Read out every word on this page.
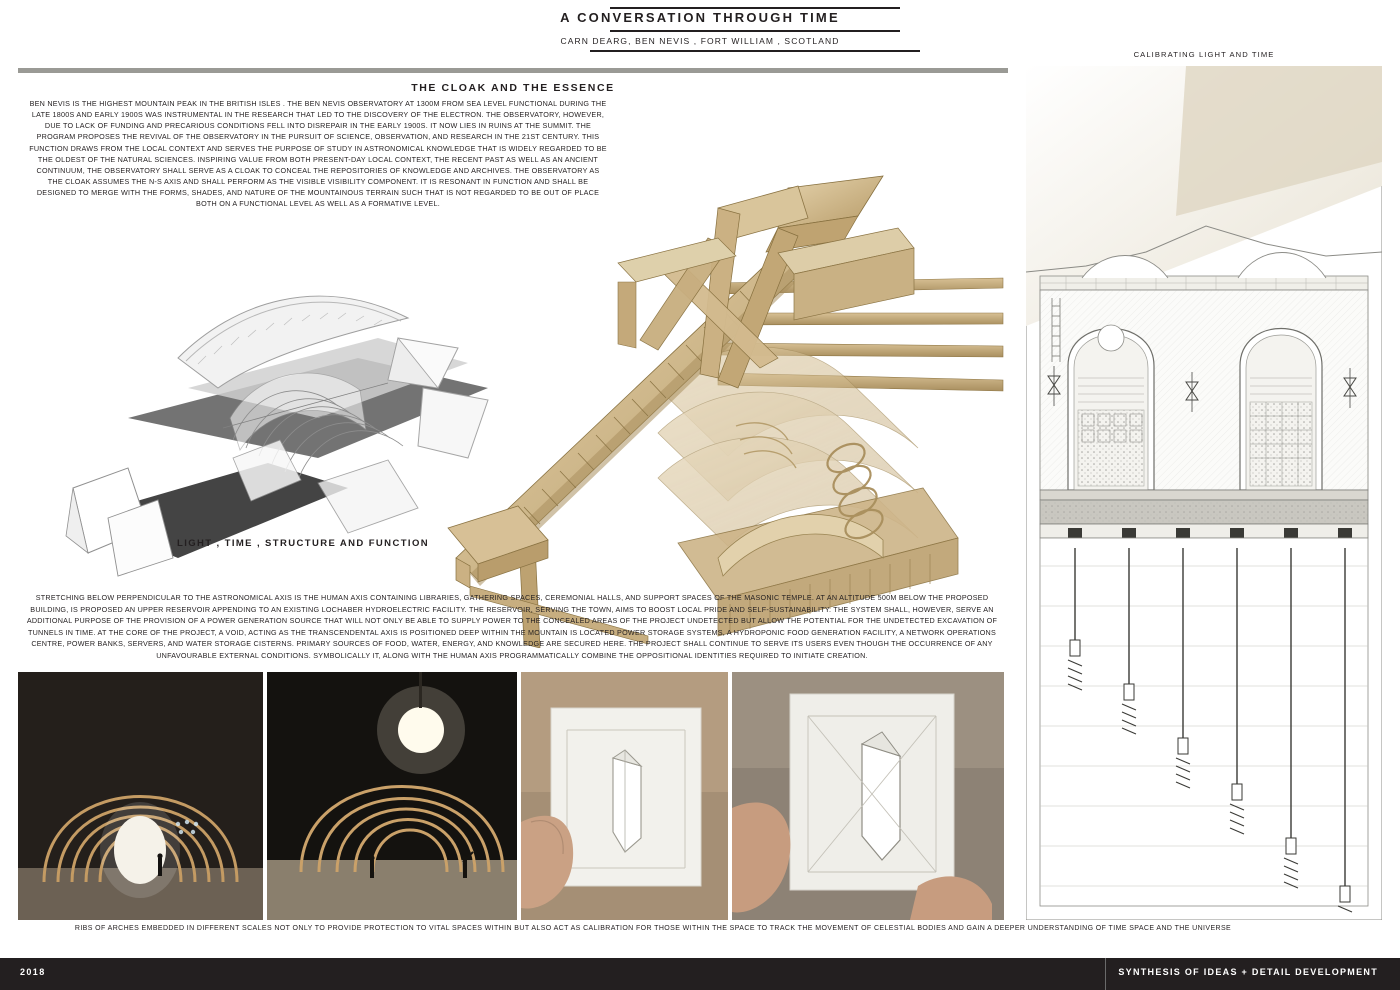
A CONVERSATION THROUGH TIME
CARN DEARG, BEN NEVIS , FORT WILLIAM , SCOTLAND
THE CLOAK AND THE ESSENCE
BEN NEVIS IS THE HIGHEST MOUNTAIN PEAK IN THE BRITISH ISLES . THE BEN NEVIS OBSERVATORY AT 1300M FROM SEA LEVEL FUNCTIONAL DURING THE LATE 1800S AND EARLY 1900S WAS INSTRUMENTAL IN THE RESEARCH THAT LED TO THE DISCOVERY OF THE ELECTRON. THE OBSERVATORY, HOWEVER, DUE TO LACK OF FUNDING AND PRECARIOUS CONDITIONS FELL INTO DISREPAIR IN THE EARLY 1900S. IT NOW LIES IN RUINS AT THE SUMMIT. THE PROGRAM PROPOSES THE REVIVAL OF THE OBSERVATORY IN THE PURSUIT OF SCIENCE, OBSERVATION, AND RESEARCH IN THE 21ST CENTURY. THIS FUNCTION DRAWS FROM THE LOCAL CONTEXT AND SERVES THE PURPOSE OF STUDY IN ASTRONOMICAL KNOWLEDGE THAT IS WIDELY REGARDED TO BE THE OLDEST OF THE NATURAL SCIENCES. INSPIRING VALUE FROM BOTH PRESENT-DAY LOCAL CONTEXT, THE RECENT PAST AS WELL AS AN ANCIENT CONTINUUM, THE OBSERVATORY SHALL SERVE AS A CLOAK TO CONCEAL THE REPOSITORIES OF KNOWLEDGE AND ARCHIVES. THE OBSERVATORY AS THE CLOAK ASSUMES THE N-S AXIS AND SHALL PERFORM AS THE VISIBLE VISIBILITY COMPONENT. IT IS RESONANT IN FUNCTION AND SHALL BE DESIGNED TO MERGE WITH THE FORMS, SHADES, AND NATURE OF THE MOUNTAINOUS TERRAIN SUCH THAT IS NOT REGARDED TO BE OUT OF PLACE BOTH ON A FUNCTIONAL LEVEL AS WELL AS A FORMATIVE LEVEL.
LIGHT , TIME , STRUCTURE AND FUNCTION
STRETCHING BELOW PERPENDICULAR TO THE ASTRONOMICAL AXIS IS THE HUMAN AXIS CONTAINING LIBRARIES, GATHERING SPACES, CEREMONIAL HALLS, AND SUPPORT SPACES OF THE MASONIC TEMPLE. AT AN ALTITUDE 500M BELOW THE PROPOSED BUILDING, IS PROPOSED AN UPPER RESERVOIR APPENDING TO AN EXISTING LOCHABER HYDROELECTRIC FACILITY. THE RESERVOIR, SERVING THE TOWN, AIMS TO BOOST LOCAL PRIDE AND SELF-SUSTAINABILITY. THE SYSTEM SHALL, HOWEVER, SERVE AN ADDITIONAL PURPOSE OF THE PROVISION OF A POWER GENERATION SOURCE THAT WILL NOT ONLY BE ABLE TO SUPPLY POWER TO THE CONCEALED AREAS OF THE PROJECT UNDETECTED BUT ALLOW THE POTENTIAL FOR THE UNDETECTED EXCAVATION OF TUNNELS IN TIME. AT THE CORE OF THE PROJECT, A VOID, ACTING AS THE TRANSCENDENTAL AXIS IS POSITIONED DEEP WITHIN THE MOUNTAIN IS LOCATED POWER STORAGE SYSTEMS, A HYDROPONIC FOOD GENERATION FACILITY, A NETWORK OPERATIONS CENTRE, POWER BANKS, SERVERS, AND WATER STORAGE CISTERNS. PRIMARY SOURCES OF FOOD, WATER, ENERGY, AND KNOWLEDGE ARE SECURED HERE. THE PROJECT SHALL CONTINUE TO SERVE ITS USERS EVEN THOUGH THE OCCURRENCE OF ANY UNFAVOURABLE EXTERNAL CONDITIONS. SYMBOLICALLY IT, ALONG WITH THE HUMAN AXIS PROGRAMMATICALLY COMBINE THE OPPOSITIONAL IDENTITIES REQUIRED TO INITIATE CREATION.
RIBS OF ARCHES EMBEDDED IN DIFFERENT SCALES NOT ONLY TO PROVIDE PROTECTION TO VITAL SPACES WITHIN BUT ALSO ACT AS CALIBRATION FOR THOSE WITHIN THE SPACE TO TRACK THE MOVEMENT OF CELESTIAL BODIES AND GAIN A DEEPER UNDERSTANDING OF TIME SPACE AND THE UNIVERSE
CALIBRATING LIGHT AND TIME
2018	SYNTHESIS OF IDEAS + DETAIL DEVELOPMENT
